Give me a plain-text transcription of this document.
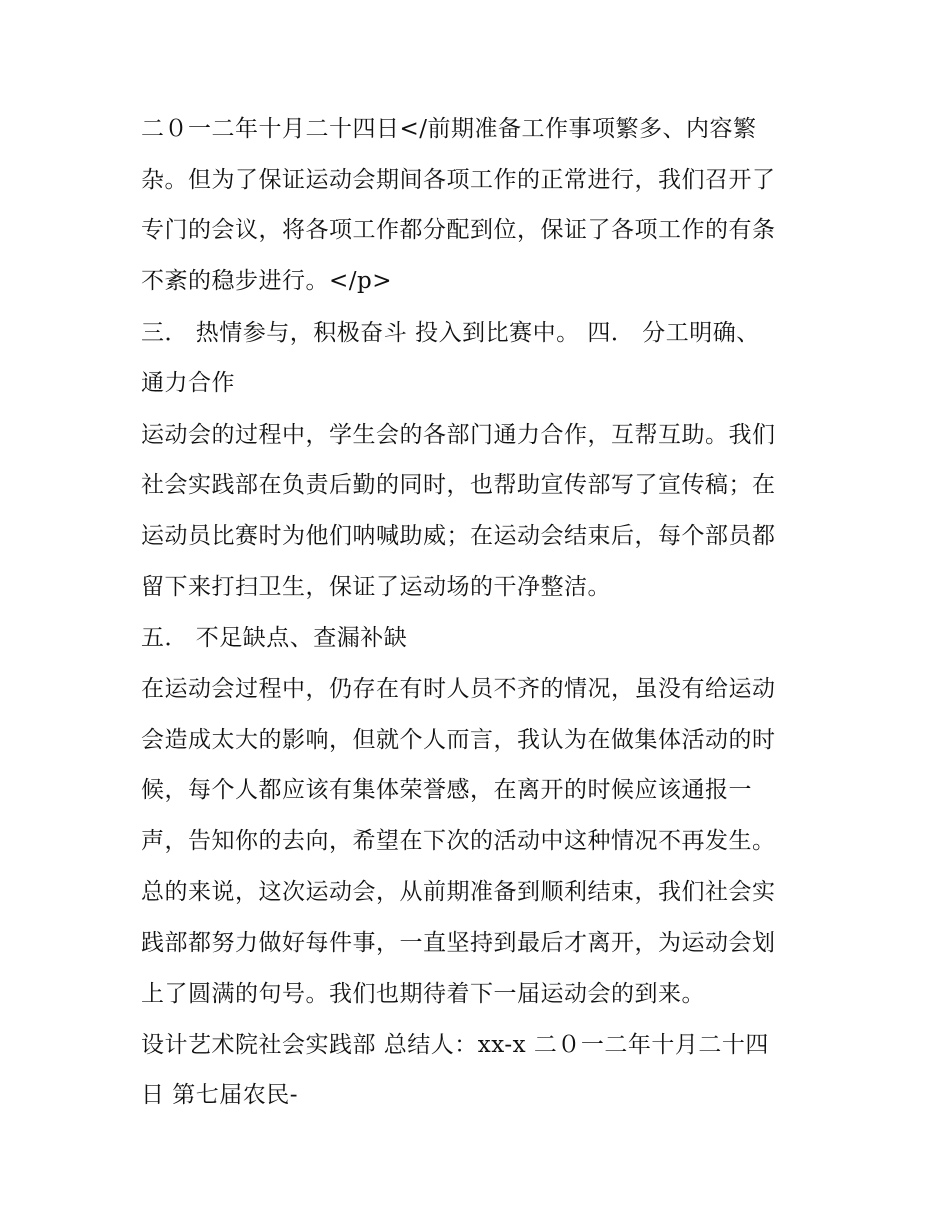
二０一二年十月二十四日</前期准备工作事项繁多、内容繁
杂。但为了保证运动会期间各项工作的正常进行，我们召开了
专门的会议，将各项工作都分配到位，保证了各项工作的有条
不紊的稳步进行。</p>
三． 热情参与，积极奋斗 投入到比赛中。 四． 分工明确、
通力合作
运动会的过程中，学生会的各部门通力合作，互帮互助。我们
社会实践部在负责后勤的同时，也帮助宣传部写了宣传稿；在
运动员比赛时为他们呐喊助威；在运动会结束后，每个部员都
留下来打扫卫生，保证了运动场的干净整洁。
五． 不足缺点、查漏补缺
在运动会过程中，仍存在有时人员不齐的情况，虽没有给运动
会造成太大的影响，但就个人而言，我认为在做集体活动的时
候，每个人都应该有集体荣誉感，在离开的时候应该通报一
声，告知你的去向，希望在下次的活动中这种情况不再发生。
总的来说，这次运动会，从前期准备到顺利结束，我们社会实
践部都努力做好每件事，一直坚持到最后才离开，为运动会划
上了圆满的句号。我们也期待着下一届运动会的到来。
设计艺术院社会实践部 总结人：xx-x 二０一二年十月二十四
日 第七届农民-
